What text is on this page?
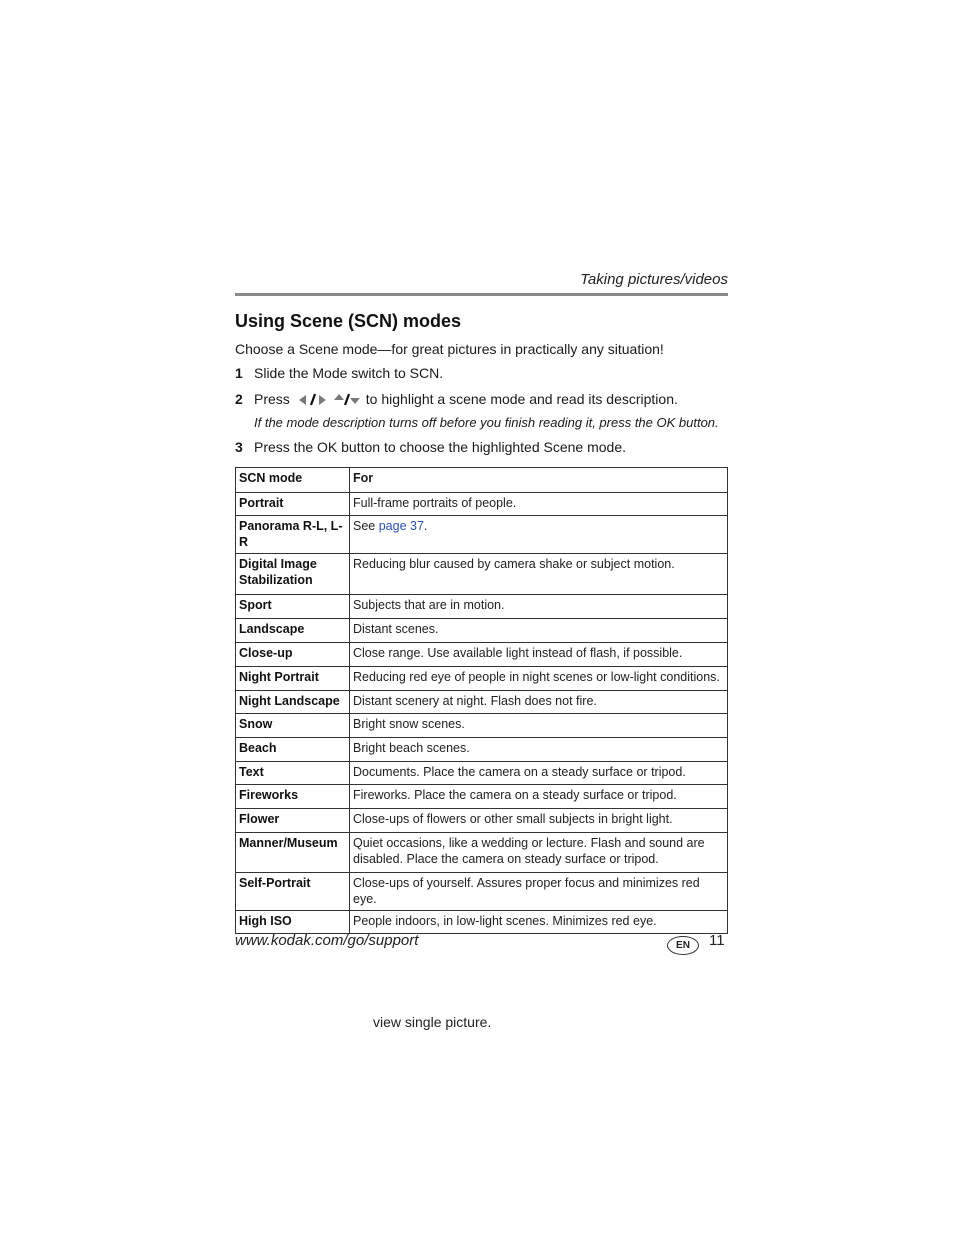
Taking pictures/videos
Using Scene (SCN) modes
Choose a Scene mode—for great pictures in practically any situation!
1 Slide the Mode switch to SCN.
2 Press	to highlight a scene mode and read its description.
If the mode description turns off before you finish reading it, press the OK button.
3 Press the OK button to choose the highlighted Scene mode.
SCN mode	For
Portrait	Full-frame portraits of people.
Panorama R-L, L-R	See page 37.
Digital Image Stabilization	Reducing blur caused by camera shake or subject motion.
Sport	Subjects that are in motion.
Landscape	Distant scenes.
Close-up	Close range. Use available light instead of flash, if possible.
Night Portrait	Reducing red eye of people in night scenes or low-light conditions.
Night Landscape	Distant scenery at night. Flash does not fire.
Snow	Bright snow scenes.
Beach	Bright beach scenes.
Text	Documents. Place the camera on a steady surface or tripod.
Fireworks	Fireworks. Place the camera on a steady surface or tripod.
Flower	Close-ups of flowers or other small subjects in bright light.
Manner/Museum	Quiet occasions, like a wedding or lecture. Flash and sound are disabled. Place the camera on steady surface or tripod.
Self-Portrait	Close-ups of yourself. Assures proper focus and minimizes red eye.
High ISO	People indoors, in low-light scenes. Minimizes red eye.
www.kodak.com/go/support	EN	11
view single picture.
